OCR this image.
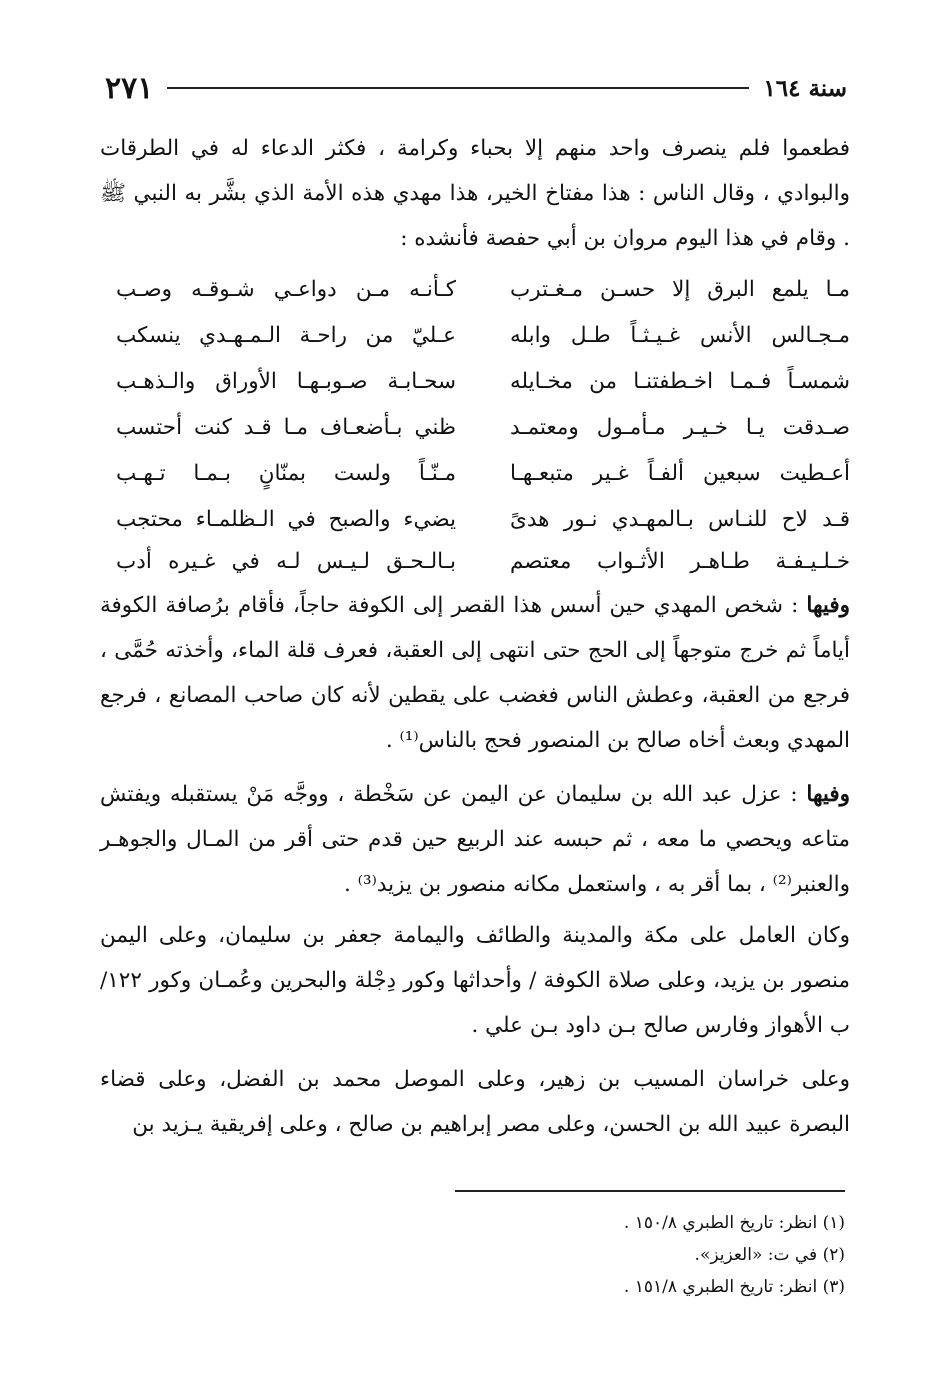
سنة ١٦٤
٢٧١
فطعموا فلم ينصرف واحد منهم إلا بحباء وكرامة ، فكثر الدعاء له في الطرقات والبوادي ، وقال الناس : هذا مفتاخ الخير، هذا مهدي هذه الأمة الذي بشَّر به النبي ﷺ . وقام في هذا اليوم مروان بن أبي حفصة فأنشده :
مـا يلمع البرق إلا حسـن مـغـترب
كـأنـه مـن دواعـي شـوقـه وصـب
مـجـالس الأنس غـيـثـاً طـل وابله
عـليّ من راحـة الـمـهـدي ينسكب
شمسـاً فـمـا اخـطفتنـا من مخـايله
سحـابـة صـوبـهـا الأوراق والـذهـب
صـدقت يـا خـيـر مـأمـول ومعتمـد
ظني بـأضعـاف مـا قـد كنت أحتسب
أعـطيت سبعين ألفـاً غـير متبعـهـا
مـنّـاً ولست بمنّانٍ بـمـا تـهـب
قـد لاح للنـاس بـالمهـدي نـور هدىً
يضيء والصبح في الـظلمـاء محتجب
خـلـيـفـة طـاهـر الأثـواب معتصم
بـالـحـق لـيـس لـه في غـيره أدب
وفيها : شخص المهدي حين أسس هذا القصر إلى الكوفة حاجاً، فأقام برُصافة الكوفة أياماً ثم خرج متوجهاً إلى الحج حتى انتهى إلى العقبة، فعرف قلة الماء، وأخذته حُمَّى ، فرجع من العقبة، وعطش الناس فغضب على يقطين لأنه كان صاحب المصانع ، فرجع المهدي وبعث أخاه صالح بن المنصور فحج بالناس⁽¹⁾ .
وفيها : عزل عبد الله بن سليمان عن اليمن عن سَخْطة ، ووجَّه مَنْ يستقبله ويفتش متاعه ويحصي ما معه ، ثم حبسه عند الربيع حين قدم حتى أقر من المـال والجوهـر والعنبر⁽²⁾ ، بما أقر به ، واستعمل مكانه منصور بن يزيد⁽³⁾ .
وكان العامل على مكة والمدينة والطائف واليمامة جعفر بن سليمان، وعلى اليمن منصور بن يزيد، وعلى صلاة الكوفة / وأحداثها وكور دِجْلة والبحرين وعُمـان وكور ١٢٢/ب الأهواز وفارس صالح بـن داود بـن علي .
وعلى خراسان المسيب بن زهير، وعلى الموصل محمد بن الفضل، وعلى قضاء البصرة عبيد الله بن الحسن، وعلى مصر إبراهيم بن صالح ، وعلى إفريقية يـزيد بن
(١) انظر: تاريخ الطبري ١٥٠/٨ .
(٢) في ت: «العزيز».
(٣) انظر: تاريخ الطبري ١٥١/٨ .
